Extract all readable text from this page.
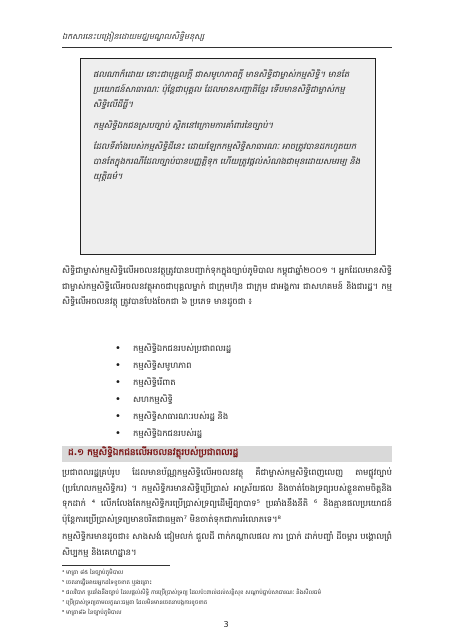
ឯកសារនេះបង្រៀនដោយមជ្ឈមណ្ឌលសិទ្ធិមនុស្ស

ផលណាក៏ដោយ នោះជាបុគ្គលក្តី ជាសមូហភាពក្តី មានសិទ្ធិជាម្ចាស់កម្មសិទ្ធិ។ មានតែប្រយោជន៍សាធារណៈ ប៉ុន្តែជាបុគ្គល ដែលមានសញ្ជាតិខ្មែរ ទើបមានសិទ្ធិជាម្ចាស់កម្មសិទ្ធិលើដីធ្លី។

កម្មសិទ្ធិឯកជនស្របច្បាប់ ស្ថិតនៅក្រោមការគាំពារនៃច្បាប់។

ដែលទីតាំងរបស់កម្មសិទ្ធិដីនេះ ដោយឡែកកម្មសិទ្ធិសាធារណៈ អាចត្រូវបានដកហូតយកបានតែក្នុងករណីដែលច្បាប់បានបញ្ញត្តិទុក ហើយត្រូវផ្តល់សំណងជាមុនដោយសមរម្យ និងយុត្តិធម៌។

សិទ្ធិជាម្ចាស់កម្មសិទ្ធិលើអចលនវត្ថុត្រូវបានបញ្ជាក់ទុកក្នុងច្បាប់ភូមិបាល កម្ពុជាឆ្នាំ២០០១ ។ អ្នកដែលមានសិទ្ធិជាម្ចាស់កម្មសិទ្ធិលើអចលនវត្ថុអាចជាបុគ្គលម្នាក់ ជាក្រុមហ៊ុន ជាក្រុម ជាអង្គការ ជាសហគមន៍ និងជារដ្ឋ។ កម្មសិទ្ធិលើអចលនវត្ថុ ត្រូវបានបែងចែកជា ៦ ប្រភេទ មានដូចជា ៖

• កម្មសិទ្ធិឯកជនរបស់ប្រជាពលរដ្ឋ
• កម្មសិទ្ធិសមូហភាព
• កម្មសិទ្ធិរើពាត
• សហកម្មសិទ្ធិ
• កម្មសិទ្ធិសាធារណៈរបស់រដ្ឋ និង
• កម្មសិទ្ធិឯកជនរបស់រដ្ឋ
ដ.១ កម្មសិទ្ធិឯកជនលើអចលនវត្ថុរបស់ប្រជាពលរដ្ឋ

ប្រជាពលរដ្ឋគ្រប់រូប ដែលមានប័ណ្ណកម្មសិទ្ធិលើអចលនវត្ថុ គឺជាម្ចាស់កម្មសិទ្ធិពេញលេញ តាមផ្លូវច្បាប់ (ប្រហែលកម្មសិទ្ធិករ) ។ កម្មសិទ្ធិករមានសិទ្ធិប្រើប្រាស់ អាស្រ័យផល និងចាត់ចែងទ្រព្យរបស់ខ្លួនតាមចិត្តនិងទុកដាក់ ⁴ លើកលែងតែកម្មសិទ្ធិករប្រើប្រាស់ទ្រព្យដើម្បីព្យាបាទ⁵ ប្រឆាំងនឹងនីតិ ⁶ និងគ្មានផលប្រយោជន៍ ប៉ុន្តែការប្រើប្រាស់ទ្រព្យមានចរិតជាធម្មតា⁷ មិនចាត់ទុកជាការរំលោភទេ។⁸

កម្មសិទ្ធិករមានដូចជា៖ សាងសង់ ជៀមលក់ ជួលដី ពាក់កណ្តាលផល ការ ប្រាក់ ដាក់បញ្ចាំ ដីចម្ការ បង្គោលព្រំ សិប្បកម្ម និងគេហដ្ឋាន។

⁴ មាត្រា ៨៥ នៃច្បាប់ភូមិបាល
⁵ ចេតនាធ្វើអោយអ្នកដទៃខូចខាត ឬរងគ្រោះ
⁶ ផលវិបាក ប្រឆាំងនឹងច្បាប់ ដែលផ្តល់សិទ្ធិ ការប្រើប្រាស់ទ្រព្យ ដែលប៉ះពាល់ដល់សន្តិសុខ សណ្តាប់ធ្នាប់សាធារណៈ និងសីលធម៌
⁷ ប្រើប្រាស់ទ្រព្យតាមលក្ខណៈធម្មតា ដែលមិនមានចេតនាបង្កការខូចខាត
⁸ មាត្រា៨៦ នៃច្បាប់ភូមិបាល
3
